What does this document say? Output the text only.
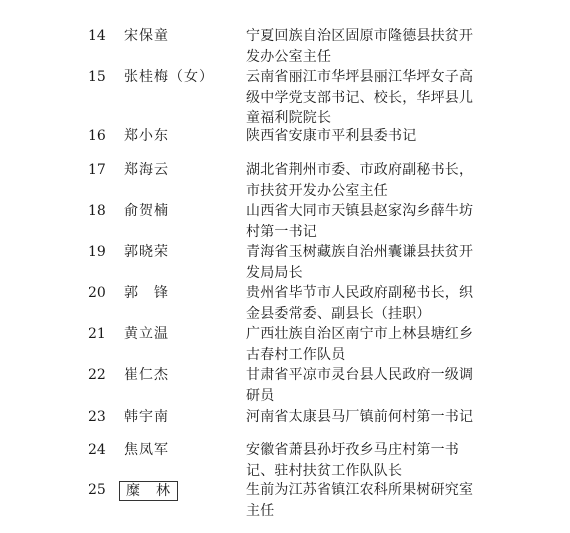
14	宋保童	宁夏回族自治区固原市隆德县扶贫开
发办公室主任
15	张桂梅（女） 云南省丽江市华坪县丽江华坪女子高
级中学党支部书记、校长，华坪县儿
童福利院院长
16	郑小东	陕西省安康市平利县委书记
17	郑海云	湖北省荆州市委、市政府副秘书长，
市扶贫开发办公室主任
18	俞贺楠	山西省大同市天镇县赵家沟乡薛牛坊
村第一书记
19	郭晓荣	青海省玉树藏族自治州囊谦县扶贫开
发局局长
20	郭　锋	贵州省毕节市人民政府副秘书长，织
金县委常委、副县长（挂职）
21	黄立温	广西壮族自治区南宁市上林县塘红乡
古春村工作队员
22	崔仁杰	甘肃省平凉市灵台县人民政府一级调
研员
23	韩宇南	河南省太康县马厂镇前何村第一书记
24	焦凤军	安徽省萧县孙圩孜乡马庄村第一书
记、驻村扶贫工作队队长
25	糜　林	生前为江苏省镇江农科所果树研究室
主任
